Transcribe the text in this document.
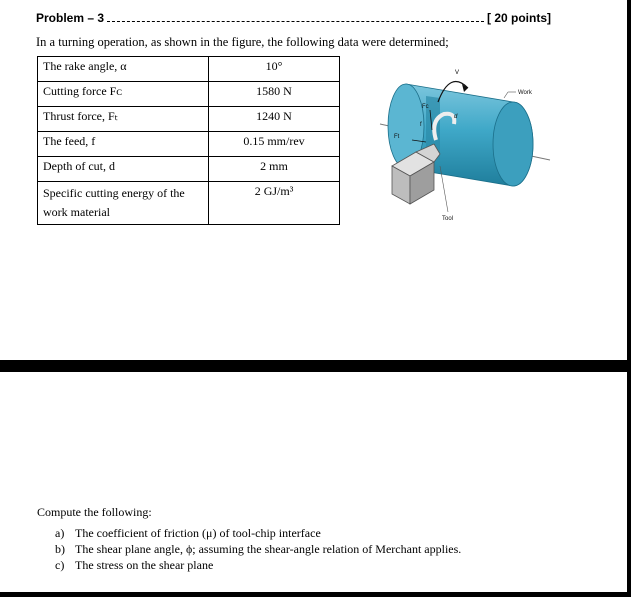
Problem – 3	[ 20 points]
In a turning operation, as shown in the figure, the following data were determined;
The rake angle, α	10°
Cutting force Fᴄ	1580 N
Thrust force, Fₜ	1240 N
The feed, f	0.15 mm/rev
Depth of cut, d	2 mm
Specific cutting energy of the work material	2 GJ/m³
V
Fc
Ft
f
d
Work
Tool
Compute the following:
a) The coefficient of friction (μ) of tool-chip interface
b) The shear plane angle, ϕ; assuming the shear-angle relation of Merchant applies.
c) The stress on the shear plane
